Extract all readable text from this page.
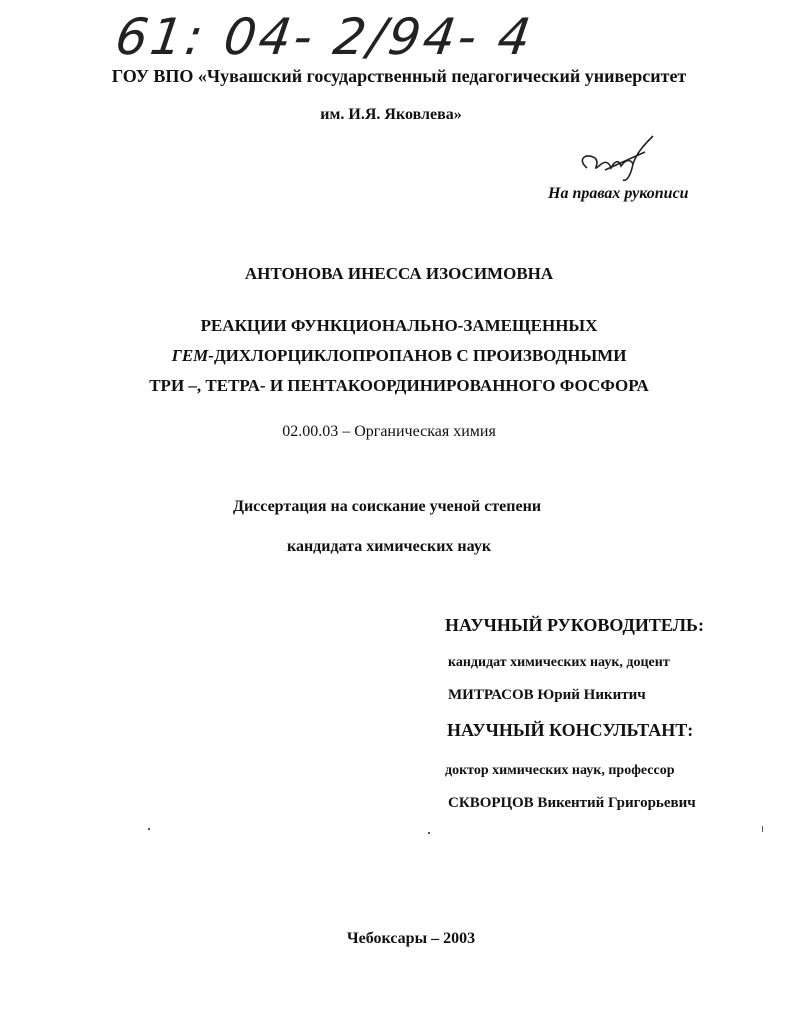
61: 04- 2/94- 4
ГОУ ВПО «Чувашский государственный педагогический университет
им. И.Я. Яковлева»
На правах рукописи
АНТОНОВА ИНЕССА ИЗОСИМОВНА
РЕАКЦИИ ФУНКЦИОНАЛЬНО-ЗАМЕЩЕННЫХ
ГЕМ-ДИХЛОРЦИКЛОПРОПАНОВ С ПРОИЗВОДНЫМИ
ТРИ –, ТЕТРА- И ПЕНТАКООРДИНИРОВАННОГО ФОСФОРА
02.00.03 – Органическая химия
Диссертация на соискание ученой степени
кандидата химических наук
НАУЧНЫЙ РУКОВОДИТЕЛЬ:
кандидат химических наук, доцент
МИТРАСОВ Юрий Никитич
НАУЧНЫЙ КОНСУЛЬТАНТ:
доктор химических наук, профессор
СКВОРЦОВ Викентий Григорьевич
Чебоксары – 2003
